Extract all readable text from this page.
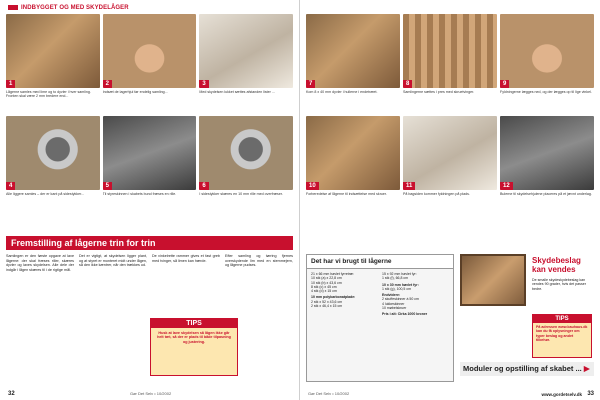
INDBYGGET OG MED SKYDELÅGER
1
Lågerne samles med lime og to dyvler i hver samling. Fronten skal være 2 mm bredere end...
2
Indsæt de lagerhjul før endelig samling...
3
Med skydelsen lukket sættes afstanden lister ...
4
Alle liggere samles – der er kant på sidestykker...
5
Til styreskinnen i skabets bund fræses en rille.
6
I sidestykker skæres en 10 mm rille med overfræser.
Fremstilling af lågerne trin for trin
Samlingen er den første opgave at lave lågerne: der skal fræses riller, skæres dyvler og laves skydelsen. Alle dele der indgår i lågen skæres til i de rigtige mål.
Det er vigtigt, at skydelsen ligger plant, og at styret er monteret midt under lågen, så den ikke kæntrer, når den trækkes ud.
De vinkelrette rammer gives et fast greb med tvinger, så limen kan hærde.
Efter samling og tørring fjernes overskydende lim med en stemmejern, og lågerne pudses.
TIPS
Husk at lave skydelsen så lågen ikke går helt tæt, så der er plads til både tilpasning og justering.
32	Gør Det Selv • 10/2002
7
Kom 8 x 40 mm dyvler i hullerne i endetræet.
8
Samlingerne sættes i pres med skruetvinger.
9
Fyldningerne lægges ned, og der lægges op til lige vinkel.
10
Forberedelse af lågerne til indsættelse med skruer.
11
På bagsiden kommer fyldningen på plads.
12
Bulerne til skydelsehjulene placeres på et jævnt underlag.
Det har vi brugt til lågerne
21 x 66 mm høvlet fyrretræ:
10 stk (a) x 22,8 cm
10 stk (b) x 43,6 cm
8 stk (c) x 45 cm
4 stk (d) x 15 cm
10 mm polykarbonatplade:
2 stk x 52 x 43,6 cm
2 stk x 46,4 x 15 cm
15 x 92 mm høvlet fyr:
1 stk (f), 66,8 cm
10 x 30 mm høvlet fyr:
1 stk (g), 100,5 cm
Endvidere:
2 skuffeskinner á 50 cm
4 lukkeskinner
10 møbelskruer
Pris i alt: Cirka 1000 kroner
Skydebeslag kan vendes
De smalle skydeskydebeslag kan vendes 90 grader, hvis det passer bedre.
TIPS
På adressen www.bauhaus.dk kan du få oplysninger om typer beslag og andet tilbehør.
Moduler og opstilling af skabet ... ▶
Gør Det Selv • 10/2002	www.gordetselv.dk 33
